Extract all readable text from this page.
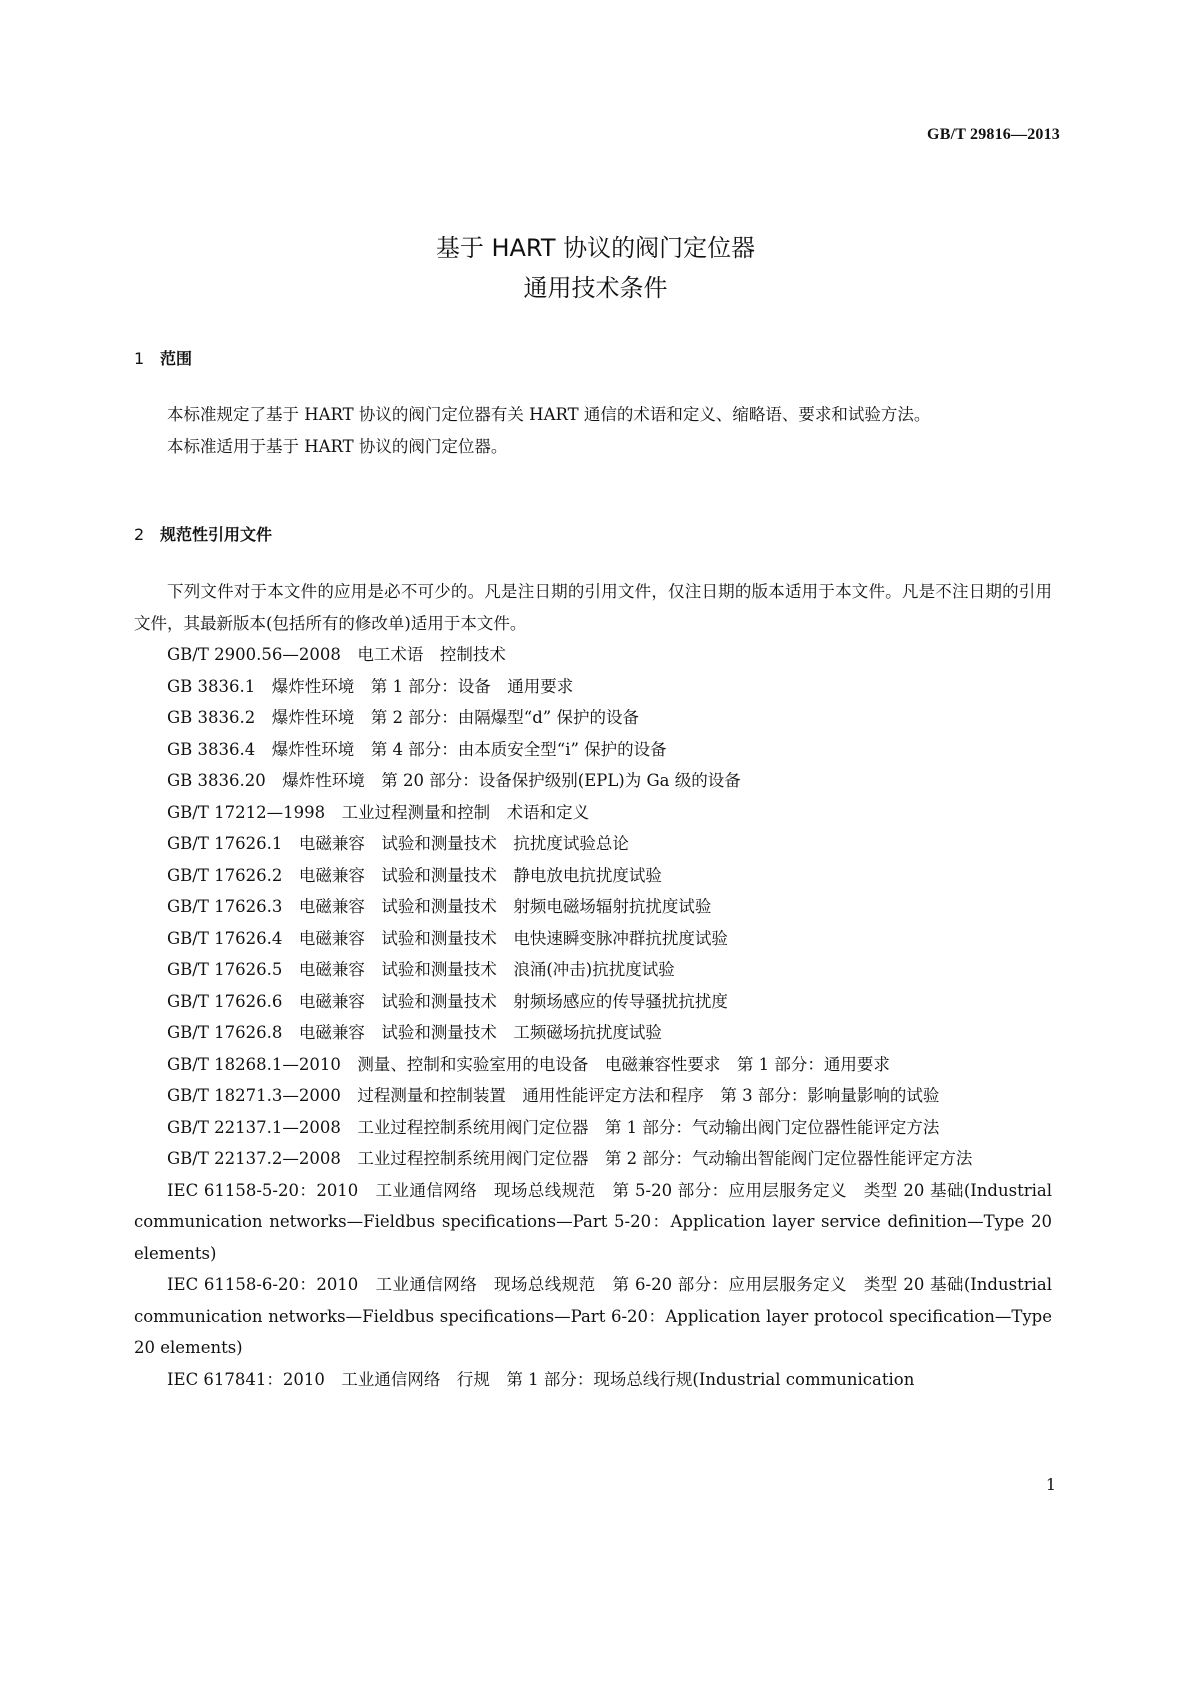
GB/T 29816—2013
基于 HART 协议的阀门定位器
通用技术条件
1 范围

本标准规定了基于 HART 协议的阀门定位器有关 HART 通信的术语和定义、缩略语、要求和试验方法。

本标准适用于基于 HART 协议的阀门定位器。

2 规范性引用文件

下列文件对于本文件的应用是必不可少的。凡是注日期的引用文件，仅注日期的版本适用于本文件。凡是不注日期的引用文件，其最新版本(包括所有的修改单)适用于本文件。

GB/T 2900.56—2008　电工术语　控制技术

GB 3836.1　爆炸性环境　第 1 部分：设备　通用要求

GB 3836.2　爆炸性环境　第 2 部分：由隔爆型“d” 保护的设备

GB 3836.4　爆炸性环境　第 4 部分：由本质安全型“i” 保护的设备

GB 3836.20　爆炸性环境　第 20 部分：设备保护级别(EPL)为 Ga 级的设备

GB/T 17212—1998　工业过程测量和控制　术语和定义

GB/T 17626.1　电磁兼容　试验和测量技术　抗扰度试验总论

GB/T 17626.2　电磁兼容　试验和测量技术　静电放电抗扰度试验

GB/T 17626.3　电磁兼容　试验和测量技术　射频电磁场辐射抗扰度试验

GB/T 17626.4　电磁兼容　试验和测量技术　电快速瞬变脉冲群抗扰度试验

GB/T 17626.5　电磁兼容　试验和测量技术　浪涌(冲击)抗扰度试验

GB/T 17626.6　电磁兼容　试验和测量技术　射频场感应的传导骚扰抗扰度

GB/T 17626.8　电磁兼容　试验和测量技术　工频磁场抗扰度试验

GB/T 18268.1—2010　测量、控制和实验室用的电设备　电磁兼容性要求　第 1 部分：通用要求

GB/T 18271.3—2000　过程测量和控制装置　通用性能评定方法和程序　第 3 部分：影响量影响的试验

GB/T 22137.1—2008　工业过程控制系统用阀门定位器　第 1 部分：气动输出阀门定位器性能评定方法

GB/T 22137.2—2008　工业过程控制系统用阀门定位器　第 2 部分：气动输出智能阀门定位器性能评定方法

IEC 61158-5-20：2010　工业通信网络　现场总线规范　第 5-20 部分：应用层服务定义　类型 20 基础(Industrial communication networks—Fieldbus specifications—Part 5-20：Application layer service definition—Type 20 elements)

IEC 61158-6-20：2010　工业通信网络　现场总线规范　第 6-20 部分：应用层服务定义　类型 20 基础(Industrial communication networks—Fieldbus specifications—Part 6-20：Application layer protocol specification—Type 20 elements)

IEC 617841：2010　工业通信网络　行规　第 1 部分：现场总线行规(Industrial communication

1
